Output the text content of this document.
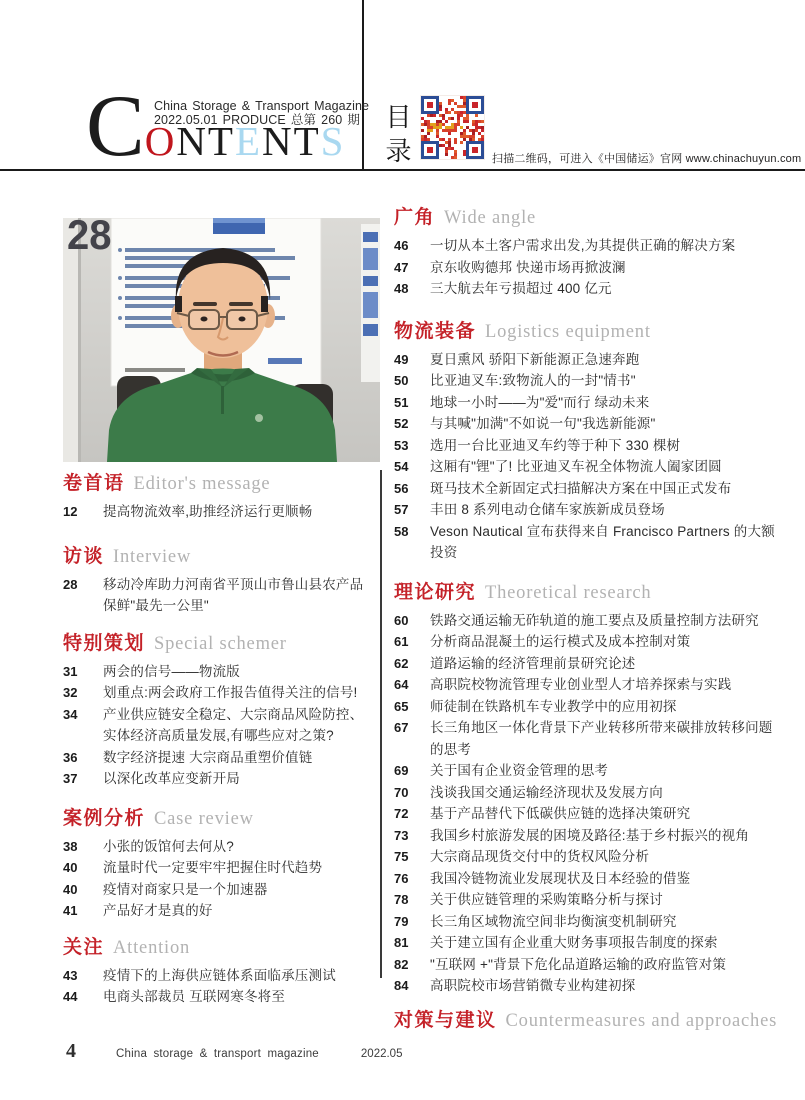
C O N T E N T S
China Storage & Transport Magazine
2022.05.01 PRODUCE 总第 260 期 目录	扫描二维码，可进入《中国储运》官网 www.chinachuyun.com
28
卷首语 Editor's message
12	提高物流效率,助推经济运行更顺畅
访谈 Interview
28	移动冷库助力河南省平顶山市鲁山县农产品保鲜"最先一公里"
特别策划 Special schemer
31	两会的信号——物流版
32	划重点:两会政府工作报告值得关注的信号!
34	产业供应链安全稳定、大宗商品风险防控、实体经济高质量发展,有哪些应对之策?
36	数字经济提速 大宗商品重塑价值链
37	以深化改革应变新开局
案例分析 Case review
38	小张的饭馆何去何从?
40	流量时代一定要牢牢把握住时代趋势
40	疫情对商家只是一个加速器
41	产品好才是真的好
关注 Attention
43	疫情下的上海供应链体系面临承压测试
44	电商头部裁员 互联网寒冬将至
广角 Wide angle
46	一切从本土客户需求出发,为其提供正确的解决方案
47	京东收购德邦 快递市场再掀波澜
48	三大航去年亏损超过 400 亿元
物流装备 Logistics equipment
49	夏日熏风 骄阳下新能源正急速奔跑
50	比亚迪叉车:致物流人的一封"情书"
51	地球一小时——为"爱"而行 绿动未来
52	与其喊"加满"不如说一句"我选新能源"
53	选用一台比亚迪叉车约等于种下 330 棵树
54	这厢有"锂"了! 比亚迪叉车祝全体物流人阖家团圆
56	斑马技术全新固定式扫描解决方案在中国正式发布
57	丰田 8 系列电动仓储车家族新成员登场
58	Veson Nautical 宣布获得来自 Francisco Partners 的大额投资
理论研究 Theoretical research
60	铁路交通运输无砟轨道的施工要点及质量控制方法研究
61	分析商品混凝土的运行模式及成本控制对策
62	道路运输的经济管理前景研究论述
64	高职院校物流管理专业创业型人才培养探索与实践
65	师徒制在铁路机车专业教学中的应用初探
67	长三角地区一体化背景下产业转移所带来碳排放转移问题的思考
69	关于国有企业资金管理的思考
70	浅谈我国交通运输经济现状及发展方向
72	基于产品替代下低碳供应链的选择决策研究
73	我国乡村旅游发展的困境及路径:基于乡村振兴的视角
75	大宗商品现货交付中的货权风险分析
76	我国冷链物流业发展现状及日本经验的借鉴
78	关于供应链管理的采购策略分析与探讨
79	长三角区域物流空间非均衡演变机制研究
81	关于建立国有企业重大财务事项报告制度的探索
82	"互联网 +"背景下危化品道路运输的政府监管对策
84	高职院校市场营销微专业构建初探
对策与建议 Countermeasures and approaches
4	China storage & transport magazine	2022.05
